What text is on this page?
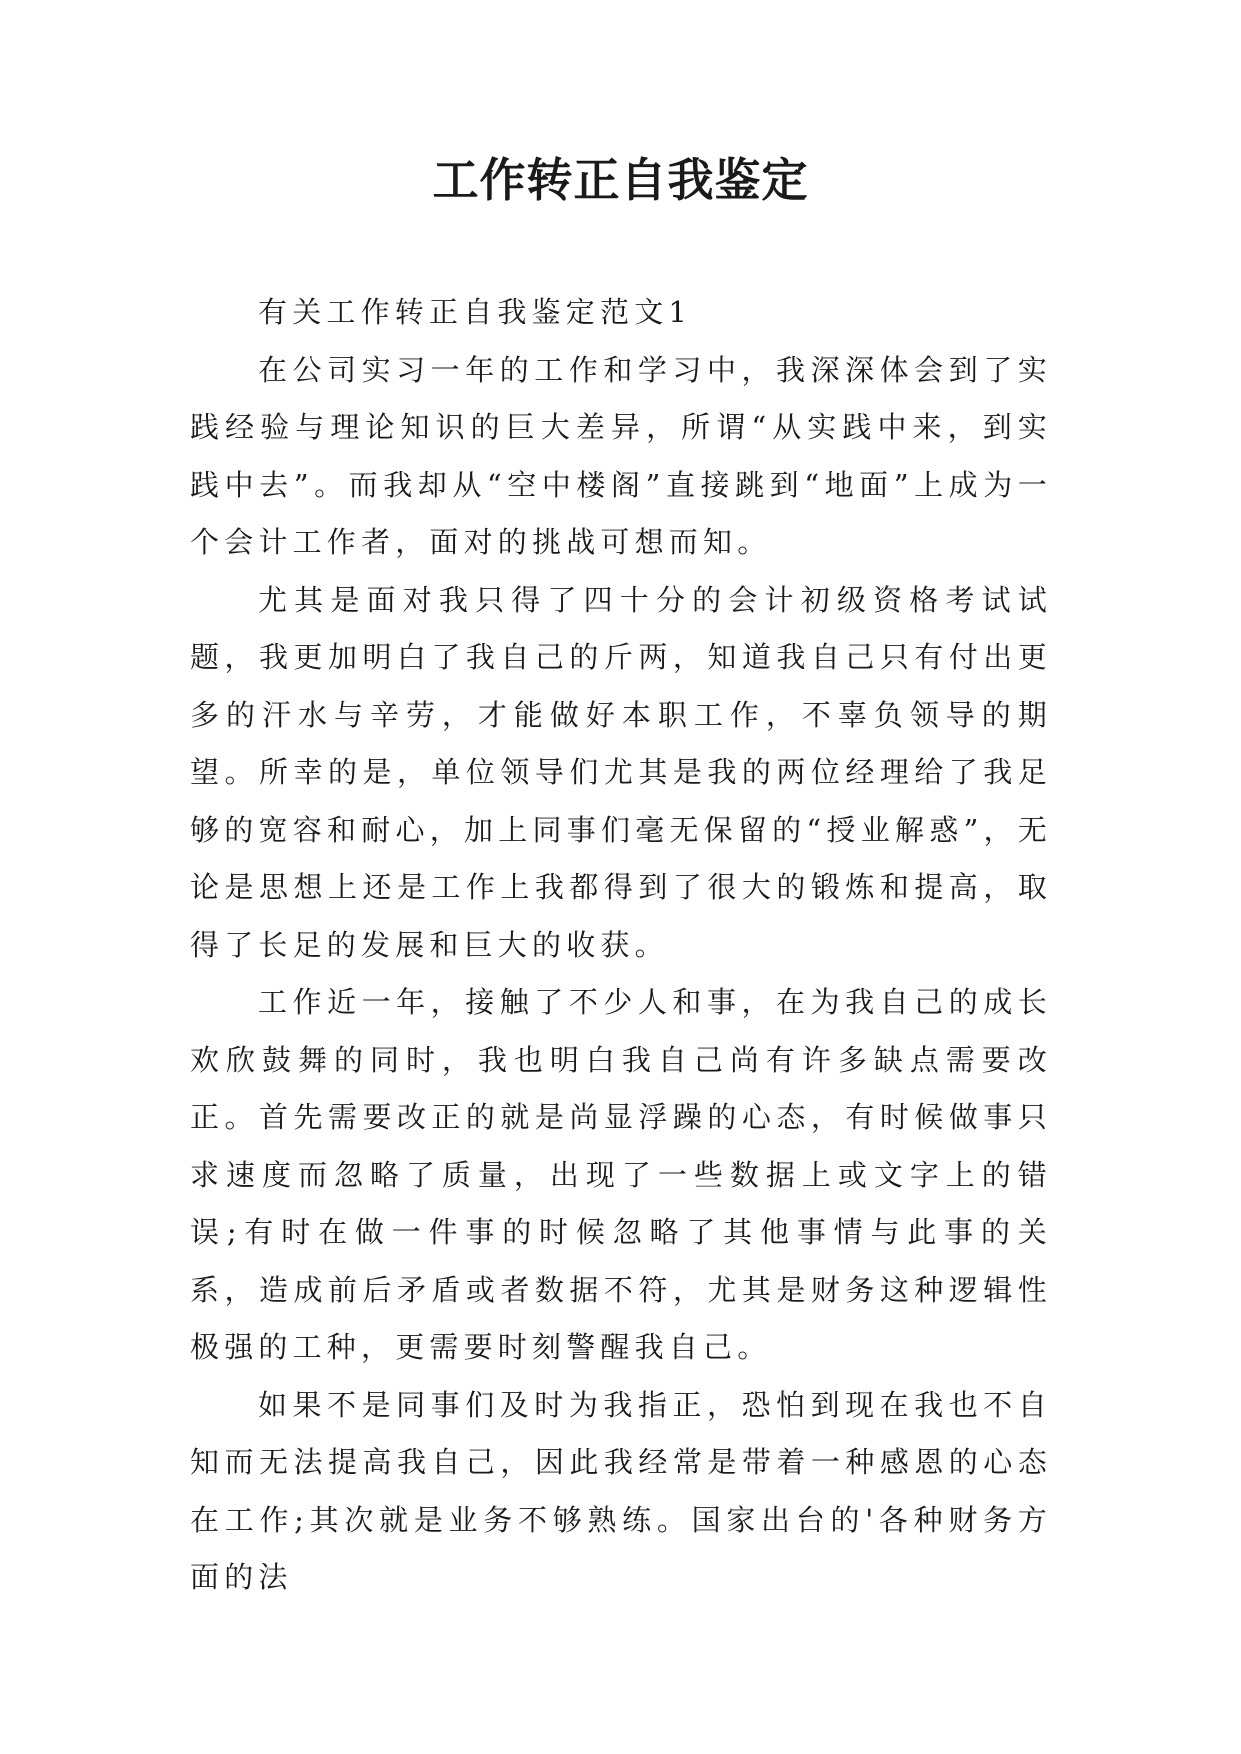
工作转正自我鉴定

有关工作转正自我鉴定范文1

在公司实习一年的工作和学习中，我深深体会到了实践经验与理论知识的巨大差异，所谓“从实践中来，到实践中去”。而我却从“空中楼阁”直接跳到“地面”上成为一个会计工作者，面对的挑战可想而知。

尤其是面对我只得了四十分的会计初级资格考试试题，我更加明白了我自己的斤两，知道我自己只有付出更多的汗水与辛劳，才能做好本职工作，不辜负领导的期望。所幸的是，单位领导们尤其是我的两位经理给了我足够的宽容和耐心，加上同事们毫无保留的“授业解惑”，无论是思想上还是工作上我都得到了很大的锻炼和提高，取得了长足的发展和巨大的收获。

工作近一年，接触了不少人和事，在为我自己的成长欢欣鼓舞的同时，我也明白我自己尚有许多缺点需要改正。首先需要改正的就是尚显浮躁的心态，有时候做事只求速度而忽略了质量，出现了一些数据上或文字上的错误;有时在做一件事的时候忽略了其他事情与此事的关系，造成前后矛盾或者数据不符，尤其是财务这种逻辑性极强的工种，更需要时刻警醒我自己。

如果不是同事们及时为我指正，恐怕到现在我也不自知而无法提高我自己，因此我经常是带着一种感恩的心态在工作;其次就是业务不够熟练。国家出台的'各种财务方面的法
